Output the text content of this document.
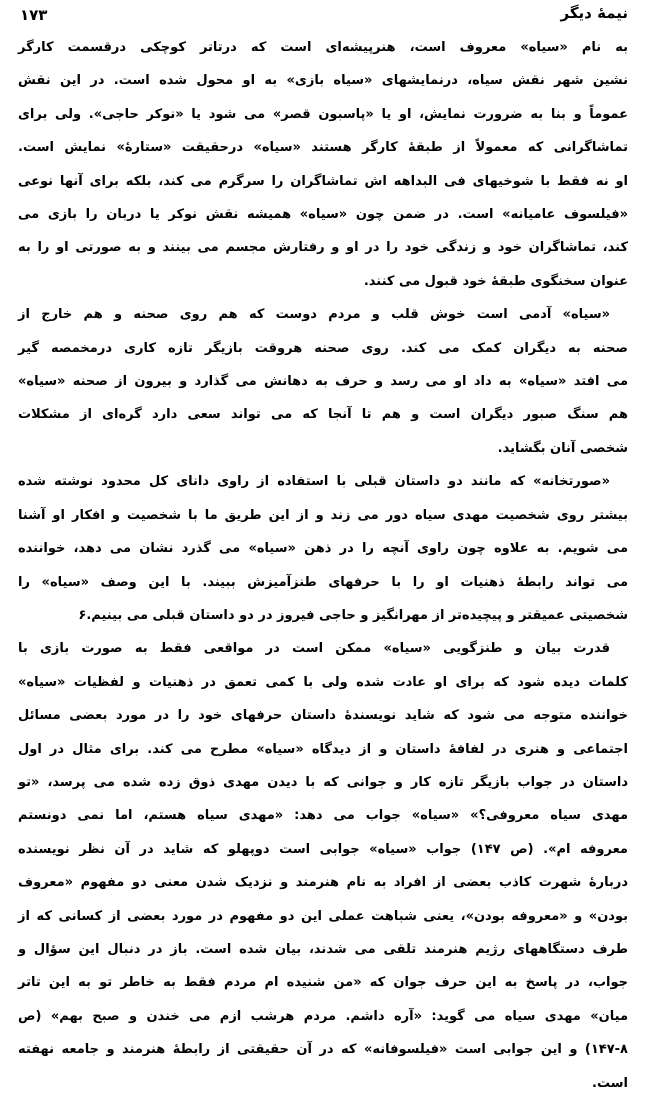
نیمهٔ دیگر
۱۷۳
به نام «سیاه» معروف است، هنرپیشه‌ای است که درتاتر کوچکی درقسمت کارگر
نشین شهر نقش سیاه، درنمایشهای «سیاه بازی» به او محول شده است. در این نقش
عموماً و بنا به ضرورت نمایش، او یا «پاسبون قصر» می شود یا «نوکر حاجی». ولی برای
تماشاگرانی که معمولاً از طبقهٔ کارگر هستند «سیاه» درحقیقت «ستارهٔ» نمایش است.
او نه فقط با شوخیهای فی البداهه اش تماشاگران را سرگرم می کند، بلکه برای آنها نوعی
«فیلسوف عامیانه» است. در ضمن چون «سیاه» همیشه نقش نوکر یا دربان را بازی می
کند، تماشاگران خود و زندگی خود را در او و رفتارش مجسم می بینند و به صورتی او را به
عنوان سخنگوی طبقهٔ خود قبول می کنند.
«سیاه» آدمی است خوش قلب و مردم دوست که هم روی صحنه و هم خارج از
صحنه به دیگران کمک می کند. روی صحنه هروقت بازیگر تازه کاری درمخمصه گیر
می افتد «سیاه» به داد او می رسد و حرف به دهانش می گذارد و بیرون از صحنه «سیاه»
هم سنگ صبور دیگران است و هم تا آنجا که می تواند سعی دارد گره‌ای از مشکلات
شخصی آنان بگشاید.
«صورتخانه» که مانند دو داستان قبلی با استفاده از راوی دانای کل محدود نوشته شده
بیشتر روی شخصیت مهدی سیاه دور می زند و از این طریق ما با شخصیت و افکار او آشنا
می شویم. به علاوه چون راوی آنچه را در ذهن «سیاه» می گذرد نشان می دهد، خواننده
می تواند رابطهٔ ذهنیات او را با حرفهای طنزآمیزش ببیند. با این وصف «سیاه» را
شخصیتی عمیقتر و پیچیده‌تر از مهرانگیز و حاجی فیروز در دو داستان قبلی می بینیم.۶
قدرت بیان و طنزگویی «سیاه» ممکن است در مواقعی فقط به صورت بازی با
کلمات دیده شود که برای او عادت شده ولی با کمی تعمق در ذهنیات و لفظیات «سیاه»
خواننده متوجه می شود که شاید نویسندهٔ داستان حرفهای خود را در مورد بعضی مسائل
اجتماعی و هنری در لفافهٔ داستان و از دیدگاه «سیاه» مطرح می کند. برای مثال در اول
داستان در جواب بازیگر تازه کار و جوانی که با دیدن مهدی ذوق زده شده می پرسد، «تو
مهدی سیاه معروفی؟» «سیاه» جواب می دهد: «مهدی سیاه هستم، اما نمی دونستم
معروفه ام». (ص ۱۴۷) جواب «سیاه» جوابی است دوپهلو که شاید در آن نظر نویسنده
دربارهٔ شهرت کاذب بعضی از افراد به نام هنرمند و نزدیک شدن معنی دو مفهوم «معروف
بودن» و «معروفه بودن»، یعنی شباهت عملی این دو مفهوم در مورد بعضی از کسانی که از
طرف دستگاههای رژیم هنرمند تلقی می شدند، بیان شده است. باز در دنبال این سؤال و
جواب، در پاسخ به این حرف جوان که «من شنیده ام مردم فقط به خاطر تو به این تاتر
میان» مهدی سیاه می گوید: «آره داشم. مردم هرشب ازم می خندن و صبح بهم» (ص
۱۴۷-۸) و این جوابی است «فیلسوفانه» که در آن حقیقتی از رابطهٔ هنرمند و جامعه نهفته
است.
